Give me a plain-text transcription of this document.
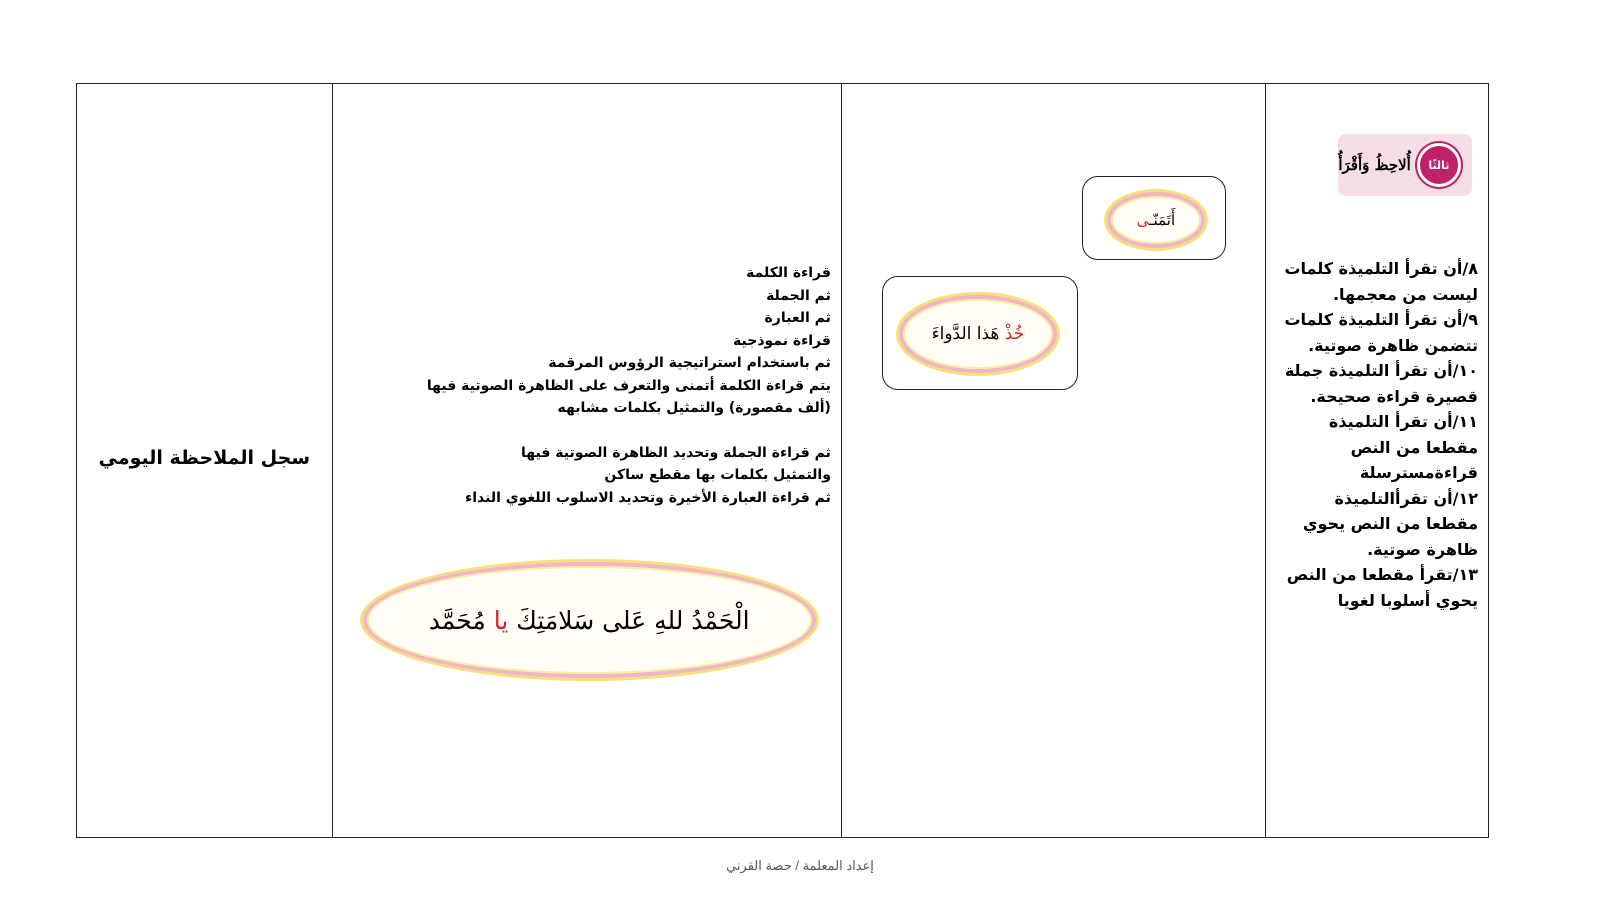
سجل الملاحظة اليومي
قراءة الكلمة
ثم الجملة
ثم العبارة
قراءة نموذجية
ثم باستخدام استراتيجية الرؤوس المرقمة
يتم قراءة الكلمة أتمنى والتعرف على الظاهرة الصوتية فيها
(ألف مقصورة) والتمثيل بكلمات مشابهه
ثم قراءة الجملة وتحديد الظاهرة الصوتية فيها
والتمثيل بكلمات بها مقطع ساكن
ثم قراءة العبارة الأخيرة وتحديد الاسلوب اللغوي النداء
الْحَمْدُ للهِ عَلى سَلامَتِكَ يا مُحَمَّد
أَتَمَنّـى
خُذْ هَذا الدَّواءَ
ثالثًا
أُلاحِظُ وَأَقْرَأُ
٨/أن تقرأ التلميذة كلمات ليست من معجمها.
٩/أن تقرأ التلميذة كلمات تتضمن ظاهرة صوتية.
١٠/أن تقرأ التلميذة جملة قصيرة قراءة صحيحة.
١١/أن تقرأ التلميذة مقطعا من النص قراءةمسترسلة
١٢/أن تقرأالتلميذة مقطعا من النص يحوي ظاهرة صوتية.
١٣/تقرأ مقطعا من النص يحوي أسلوبا لغويا
إعداد المعلمة / حصة القرني
